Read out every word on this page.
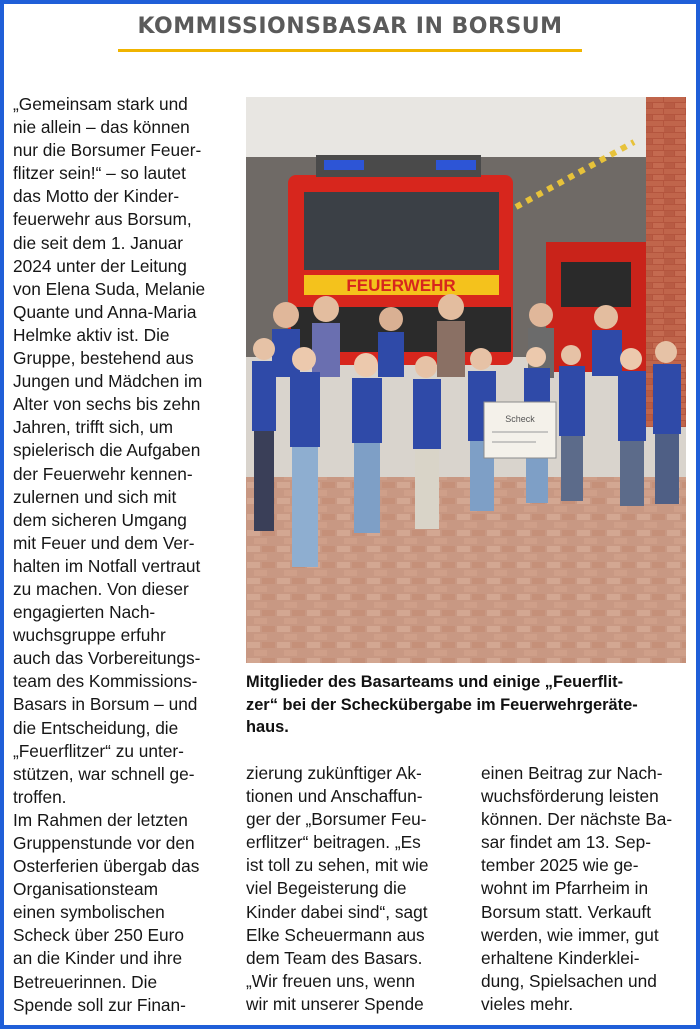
KOMMISSIONSBASAR IN BORSUM
„Gemeinsam stark und
nie allein – das können
nur die Borsumer Feuer-
flitzer sein!“ – so lautet
das Motto der Kinder-
feuerwehr aus Borsum,
die seit dem 1. Januar
2024 unter der Leitung
von Elena Suda, Melanie
Quante und Anna-Maria
Helmke aktiv ist. Die
Gruppe, bestehend aus
Jungen und Mädchen im
Alter von sechs bis zehn
Jahren, trifft sich, um
spielerisch die Aufgaben
der Feuerwehr kennen-
zulernen und sich mit
dem sicheren Umgang
mit Feuer und dem Ver-
halten im Notfall vertraut
zu machen. Von dieser
engagierten Nach-
wuchsgruppe erfuhr
auch das Vorbereitungs-
team des Kommissions-
Basars in Borsum – und
die Entscheidung, die
„Feuerflitzer“ zu unter-
stützen, war schnell ge-
troffen.
Im Rahmen der letzten
Gruppenstunde vor den
Osterferien übergab das
Organisationsteam
einen symbolischen
Scheck über 250 Euro
an die Kinder und ihre
Betreuerinnen. Die
Spende soll zur Finan-
FEUERWEHR
Scheck
Mitglieder des Basarteams und einige „Feuerflit-
zer“ bei der Scheckübergabe im Feuerwehrgeräte-
haus.
zierung zukünftiger Ak-
tionen und Anschaffun-
ger der „Borsumer Feu-
erflitzer“ beitragen. „Es
ist toll zu sehen, mit wie
viel Begeisterung die
Kinder dabei sind“, sagt
Elke Scheuermann aus
dem Team des Basars.
„Wir freuen uns, wenn
wir mit unserer Spende
einen Beitrag zur Nach-
wuchsförderung leisten
können. Der nächste Ba-
sar findet am 13. Sep-
tember 2025 wie ge-
wohnt im Pfarrheim in
Borsum statt. Verkauft
werden, wie immer, gut
erhaltene Kinderklei-
dung, Spielsachen und
vieles mehr.
